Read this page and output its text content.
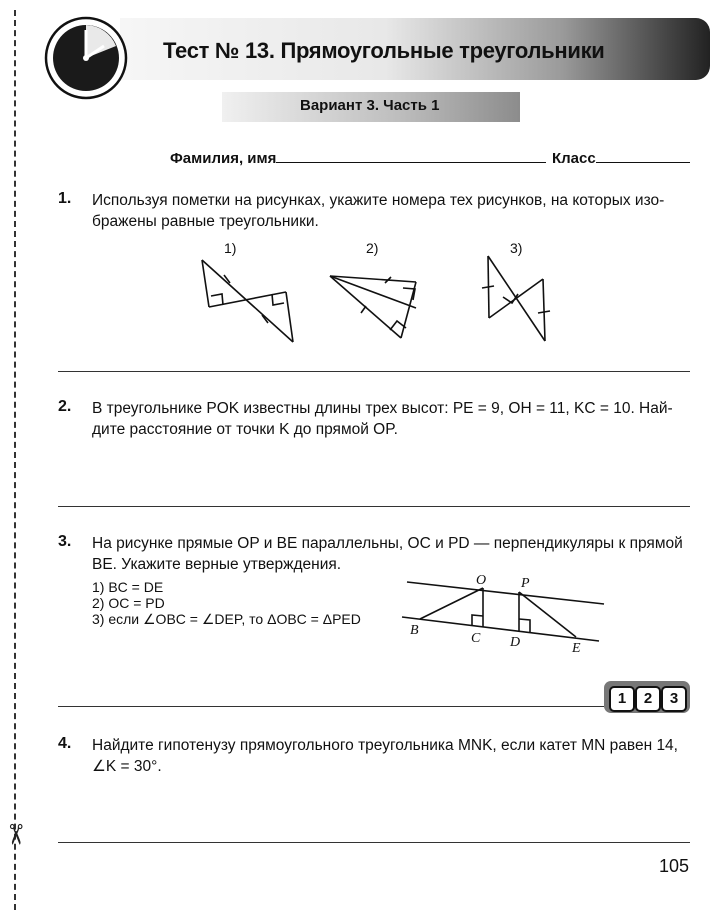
✂
Тест № 13. Прямоугольные треугольники
Вариант 3. Часть 1
Фамилия, имя	Класс
1. Используя пометки на рисунках, укажите номера тех рисунков, на которых изо-
бражены равные треугольники.
1)	2)	3)
2. В треугольнике POK известны длины трех высот: PE = 9, OH = 11, KC = 10. Най-
дите расстояние от точки K до прямой OP.
3. На рисунке прямые OP и BE параллельны, OC и PD — перпендикуляры к прямой
BE. Укажите верные утверждения.
1) BC = DE
2) OC = PD
3) если ∠OBC = ∠DEP, то ΔOBC = ΔPED
O P
B
C D	E
1	2	3
4. Найдите гипотенузу прямоугольного треугольника MNK, если катет MN равен 14,
∠K = 30°.
105
